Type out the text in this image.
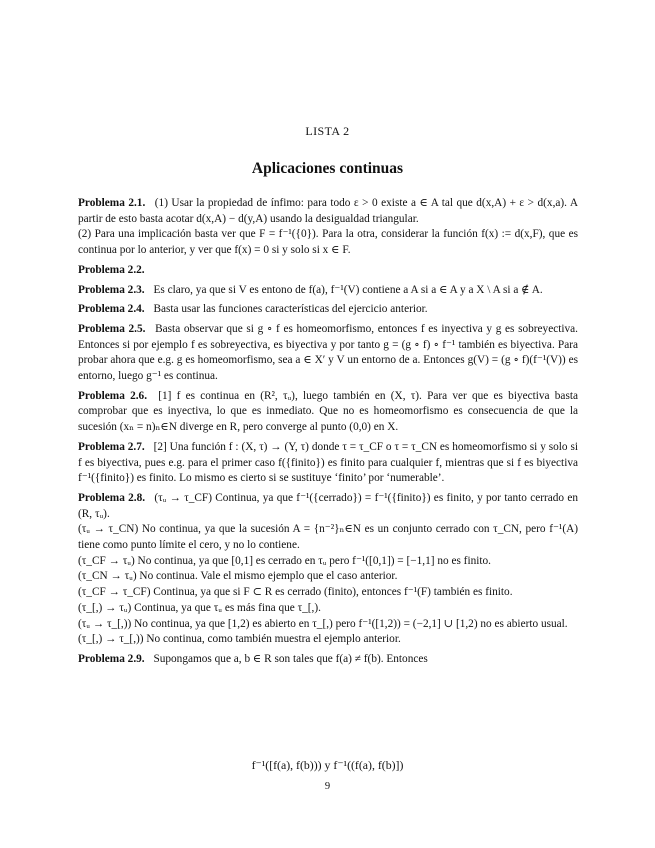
LISTA 2
Aplicaciones continuas

Problema 2.1. (1) Usar la propiedad de ínfimo: para todo ε > 0 existe a ∈ A tal que d(x,A) + ε > d(x,a). A partir de esto basta acotar d(x,A) − d(y,A) usando la desigualdad triangular.

(2) Para una implicación basta ver que F = f⁻¹({0}). Para la otra, considerar la función f(x) := d(x,F), que es continua por lo anterior, y ver que f(x) = 0 si y solo si x ∈ F.

Problema 2.2.

Problema 2.3. Es claro, ya que si V es entono de f(a), f⁻¹(V) contiene a A si a ∈ A y a X \ A si a ∉ A.

Problema 2.4. Basta usar las funciones características del ejercicio anterior.

Problema 2.5. Basta observar que si g ∘ f es homeomorfismo, entonces f es inyectiva y g es sobreyectiva. Entonces si por ejemplo f es sobreyectiva, es biyectiva y por tanto g = (g ∘ f) ∘ f⁻¹ también es biyectiva. Para probar ahora que e.g. g es homeomorfismo, sea a ∈ X′ y V un entorno de a. Entonces g(V) = (g ∘ f)(f⁻¹(V)) es entorno, luego g⁻¹ es continua.

Problema 2.6. [1] f es continua en (R², τᵤ), luego también en (X, τ). Para ver que es biyectiva basta comprobar que es inyectiva, lo que es inmediato. Que no es homeomorfismo es consecuencia de que la sucesión (xₙ = n)ₙ∈N diverge en R, pero converge al punto (0,0) en X.

Problema 2.7. [2] Una función f : (X, τ) → (Y, τ) donde τ = τ_CF o τ = τ_CN es homeomorfismo si y solo si f es biyectiva, pues e.g. para el primer caso f({finito}) es finito para cualquier f, mientras que si f es biyectiva f⁻¹({finito}) es finito. Lo mismo es cierto si se sustituye ‘finito’ por ‘numerable’.

Problema 2.8. (τᵤ → τ_CF) Continua, ya que f⁻¹({cerrado}) = f⁻¹({finito}) es finito, y por tanto cerrado en (R, τᵤ).

(τᵤ → τ_CN) No continua, ya que la sucesión A = {n⁻²}ₙ∈N es un conjunto cerrado con τ_CN, pero f⁻¹(A) tiene como punto límite el cero, y no lo contiene.

(τ_CF → τᵤ) No continua, ya que [0,1] es cerrado en τᵤ pero f⁻¹([0,1]) = [−1,1] no es finito.

(τ_CN → τᵤ) No continua. Vale el mismo ejemplo que el caso anterior.

(τ_CF → τ_CF) Continua, ya que si F ⊂ R es cerrado (finito), entonces f⁻¹(F) también es finito.

(τ_[,) → τᵤ) Continua, ya que τᵤ es más fina que τ_[,).

(τᵤ → τ_[,)) No continua, ya que [1,2) es abierto en τ_[,) pero f⁻¹([1,2)) = (−2,1] ∪ [1,2) no es abierto usual.

(τ_[,) → τ_[,)) No continua, como también muestra el ejemplo anterior.

Problema 2.9. Supongamos que a, b ∈ R son tales que f(a) ≠ f(b). Entonces

f⁻¹([f(a), f(b))) y f⁻¹((f(a), f(b)])
9
